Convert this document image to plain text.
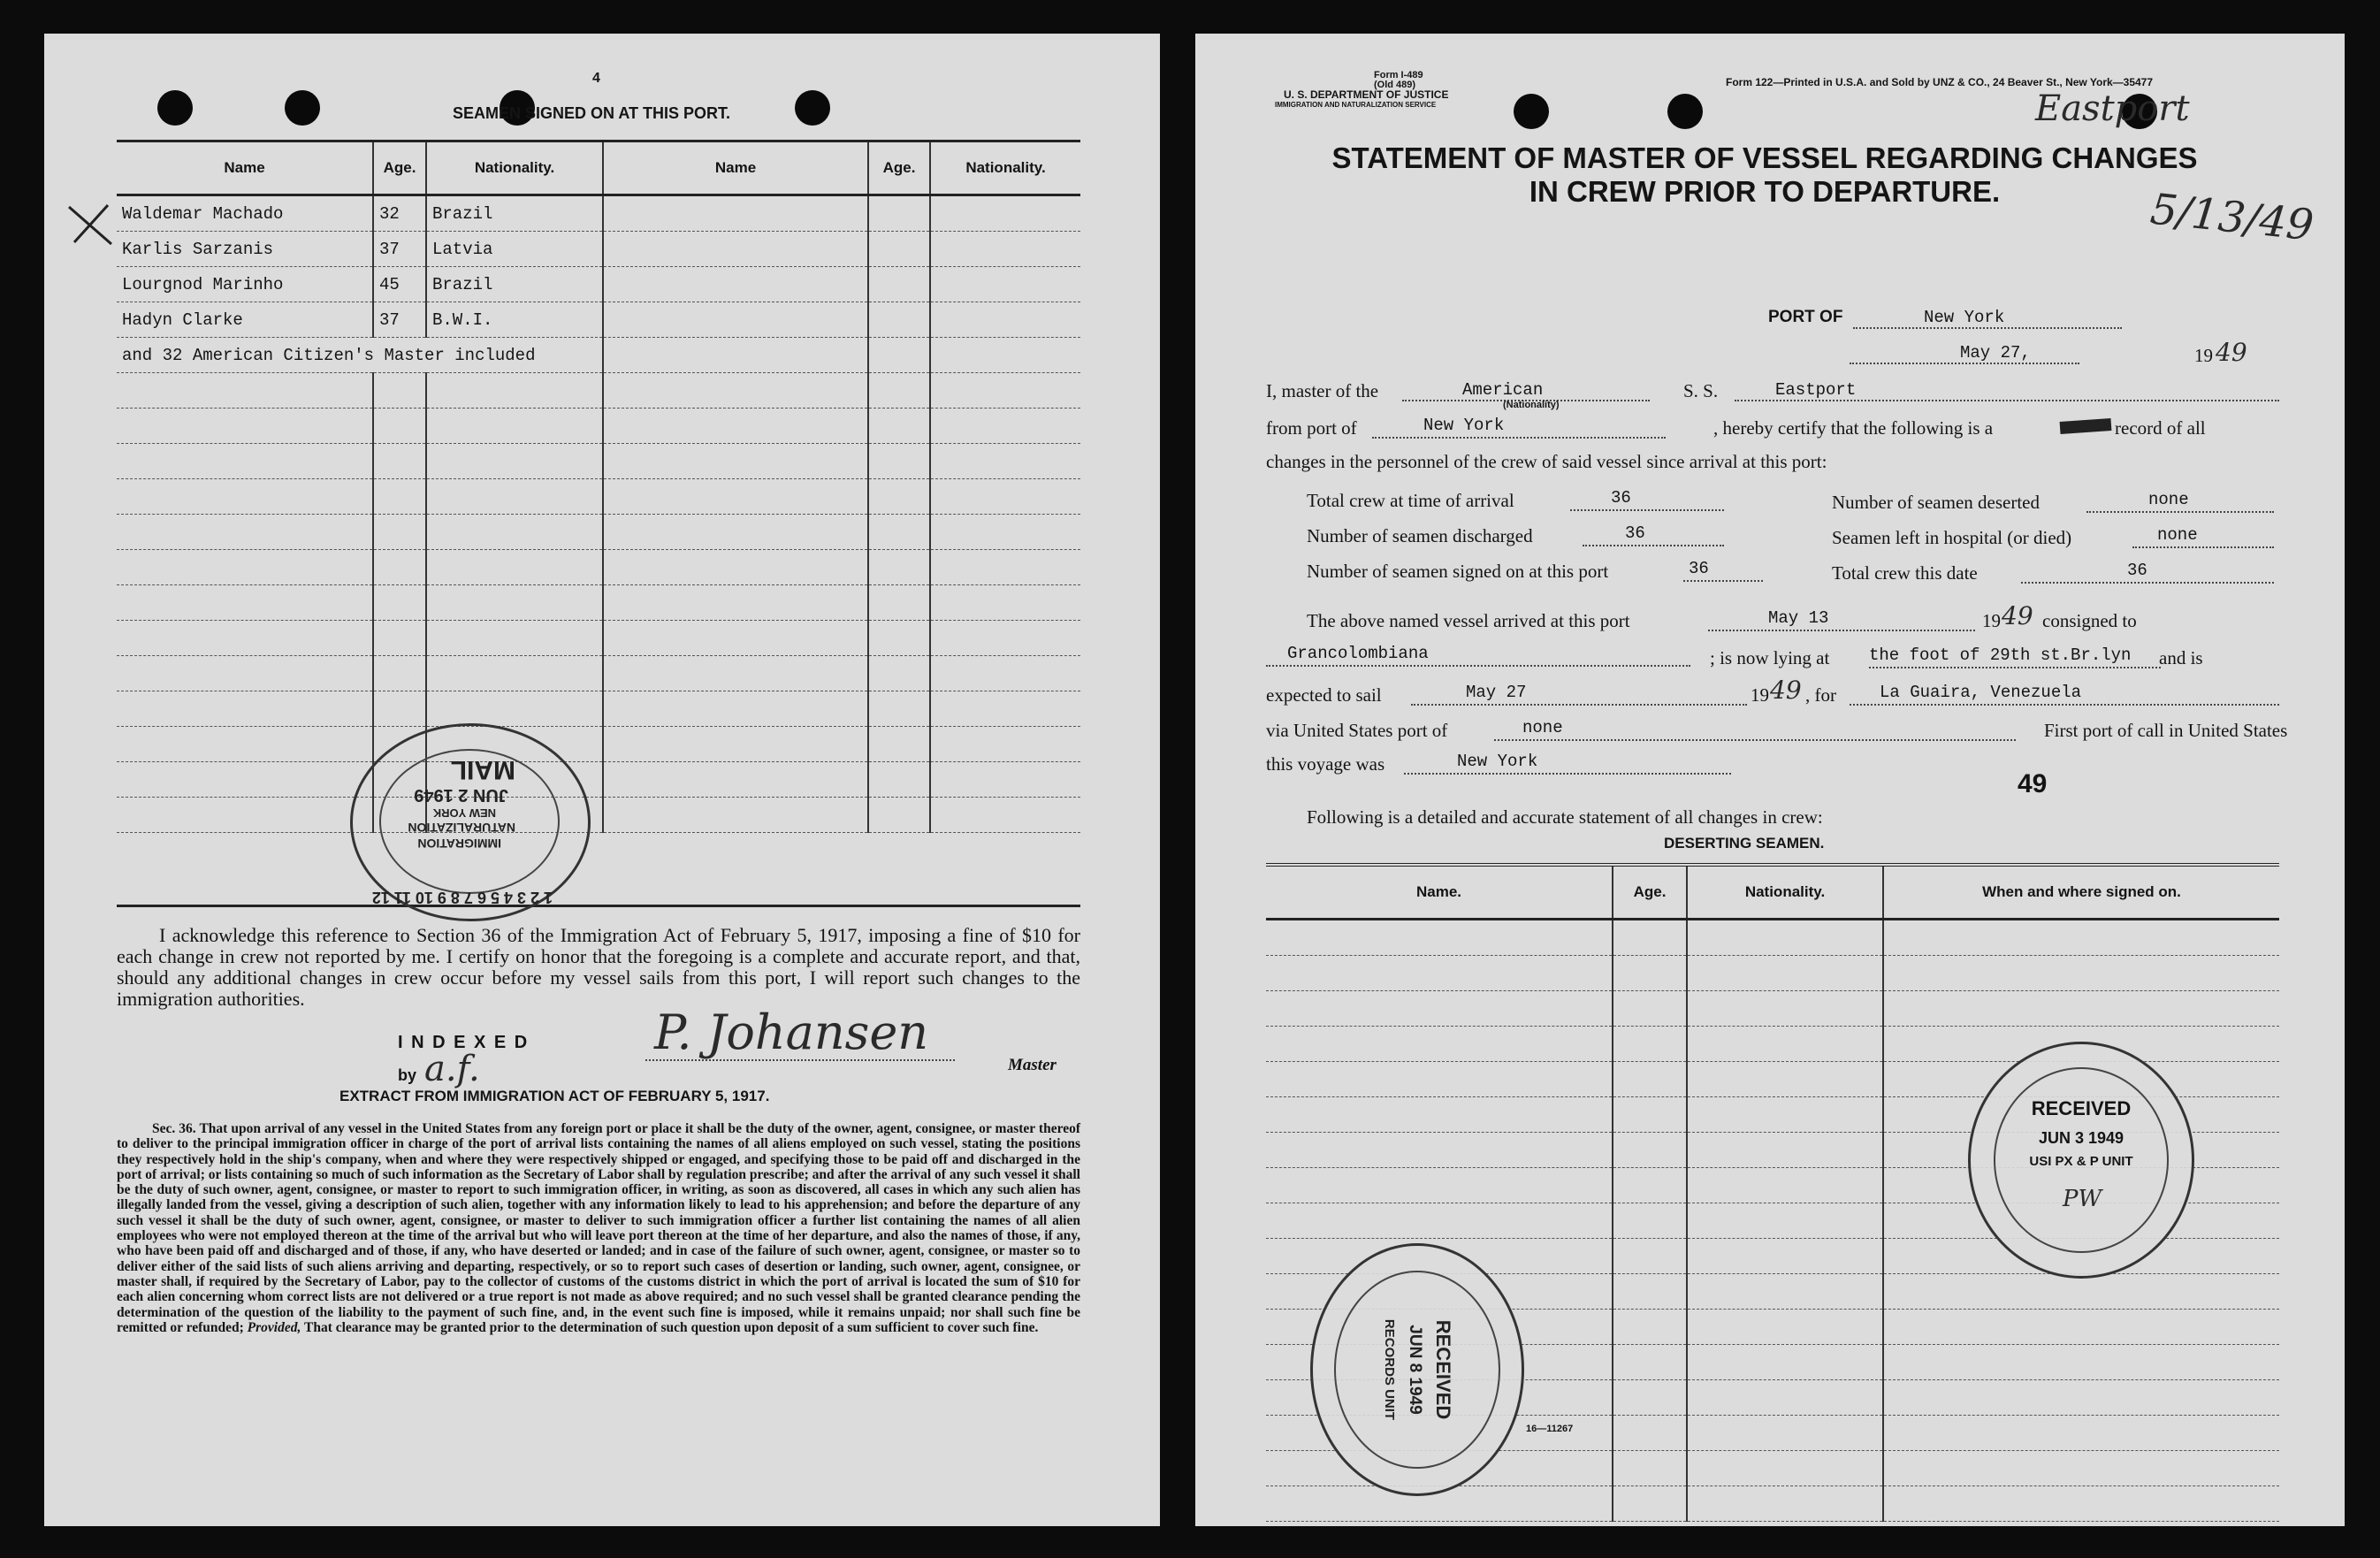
4
SEAMEN SIGNED ON AT THIS PORT.
Name	Age.	Nationality.	Name	Age.	Nationality.
Waldemar Machado	32	Brazil			
Karlis Sarzanis	37	Latvia			
Lourgnod Marinho	45	Brazil			
Hadyn Clarke	37	B.W.I.			
and 32 American Citizen's Master included					

IMMIGRATION
NATURALIZATION
NEW YORK
JUN 2 1949
MAIL
1 2 3 4 5 6 7 8 9 10 11 12
I acknowledge this reference to Section 36 of the Immigration Act of February 5, 1917, imposing a fine of $10 for each change in crew not reported by me. I certify on honor that the foregoing is a complete and accurate report, and that, should any additional changes in crew occur before my vessel sails from this port, I will report such changes to the immigration authorities.
I N D E X E D	P. Johansen
Master
by a.f.
EXTRACT FROM IMMIGRATION ACT OF FEBRUARY 5, 1917.
Sec. 36. That upon arrival of any vessel in the United States from any foreign port or place it shall be the duty of the owner, agent, consignee, or master thereof to deliver to the principal immigration officer in charge of the port of arrival lists containing the names of all aliens employed on such vessel, stating the positions they respectively hold in the ship's company, when and where they were respectively shipped or engaged, and specifying those to be paid off and discharged in the port of arrival; or lists containing so much of such information as the Secretary of Labor shall by regulation prescribe; and after the arrival of any such vessel it shall be the duty of such owner, agent, consignee, or master to report to such immigration officer, in writing, as soon as discovered, all cases in which any such alien has illegally landed from the vessel, giving a description of such alien, together with any information likely to lead to his apprehension; and before the departure of any such vessel it shall be the duty of such owner, agent, consignee, or master to deliver to such immigration officer a further list containing the names of all alien employees who were not employed thereon at the time of the arrival but who will leave port thereon at the time of her departure, and also the names of those, if any, who have been paid off and discharged and of those, if any, who have deserted or landed; and in case of the failure of such owner, agent, consignee, or master so to deliver either of the said lists of such aliens arriving and departing, respectively, or so to report such cases of desertion or landing, such owner, agent, consignee, or master shall, if required by the Secretary of Labor, pay to the collector of customs of the customs district in which the port of arrival is located the sum of $10 for each alien concerning whom correct lists are not delivered or a true report is not made as above required; and no such vessel shall be granted clearance pending the determination of the question of the liability to the payment of such fine, and, in the event such fine is imposed, while it remains unpaid; nor shall such fine be remitted or refunded; Provided, That clearance may be granted prior to the determination of such question upon deposit of a sum sufficient to cover such fine.
Form I-489
(Old 489)
U. S. DEPARTMENT OF JUSTICE
IMMIGRATION AND NATURALIZATION SERVICE
Form 122—Printed in U.S.A. and Sold by UNZ & CO., 24 Beaver St., New York—35477
Eastport
5/13/49
STATEMENT OF MASTER OF VESSEL REGARDING CHANGES
IN CREW PRIOR TO DEPARTURE.
PORT OF	New York
May 27,	19 49
I, master of the	American
(Nationality)
S. S.	Eastport
from port of	New York	, hereby certify that the following is a	record of all
changes in the personnel of the crew of said vessel since arrival at this port:
Total crew at time of arrival	36	Number of seamen deserted	none
Number of seamen discharged	36	Seamen left in hospital (or died)	none
Number of seamen signed on at this port	36	Total crew this date	36
The above named vessel arrived at this port	May 13	19 49 consigned to
Grancolombiana	; is now lying at the foot of 29th st.Br.lyn and is
expected to sail	May 27	19 49 , for	La Guaira, Venezuela
via United States port of	none	First port of call in United States
this voyage was	New York
49
Following is a detailed and accurate statement of all changes in crew:
DESERTING SEAMEN.
Name.	Age.	Nationality.	When and where signed on.

RECEIVED
JUN 3 1949
USI PX & P UNIT
PW
RECEIVED
JUN 8 1949
RECORDS UNIT
16—11267
